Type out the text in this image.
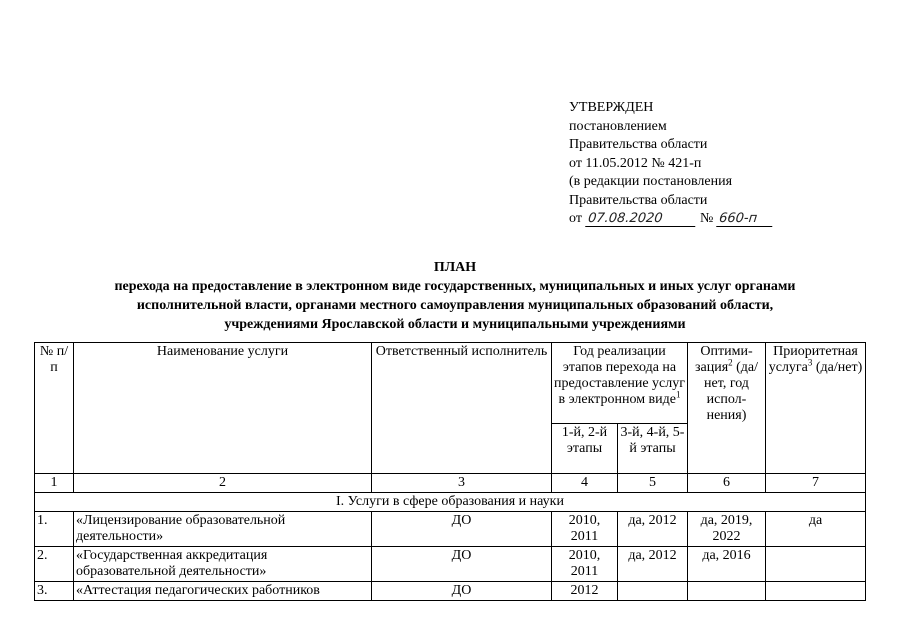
УТВЕРЖДЕН
постановлением
Правительства области
от 11.05.2012 № 421-п
(в редакции постановления
Правительства области
от 07.08.2020	№ 660-п
ПЛАН
перехода на предоставление в электронном виде государственных, муниципальных и иных услуг органами
исполнительной власти, органами местного самоуправления муниципальных образований области,
учреждениями Ярославской области и муниципальными учреждениями
№ п/п	Наименование услуги	Ответственный исполнитель	Год реализации этапов перехода на предоставление услуг в электронном виде$^1$		Оптими-зация$^2$ (да/нет, год испол-нения)	Приоритетная услуга$^3$ (да/нет)
			1-й, 2-й этапы	3-й, 4-й, 5-й этапы		
1	2	3	4	5	6	7
I. Услуги в сфере образования и науки						
1.	«Лицензирование образовательной деятельности»	ДО	2010, 2011	да, 2012	да, 2019, 2022	да
2.	«Государственная аккредитация образовательной деятельности»	ДО	2010, 2011	да, 2012	да, 2016	
3.	«Аттестация педагогических работников	ДО	2012			
